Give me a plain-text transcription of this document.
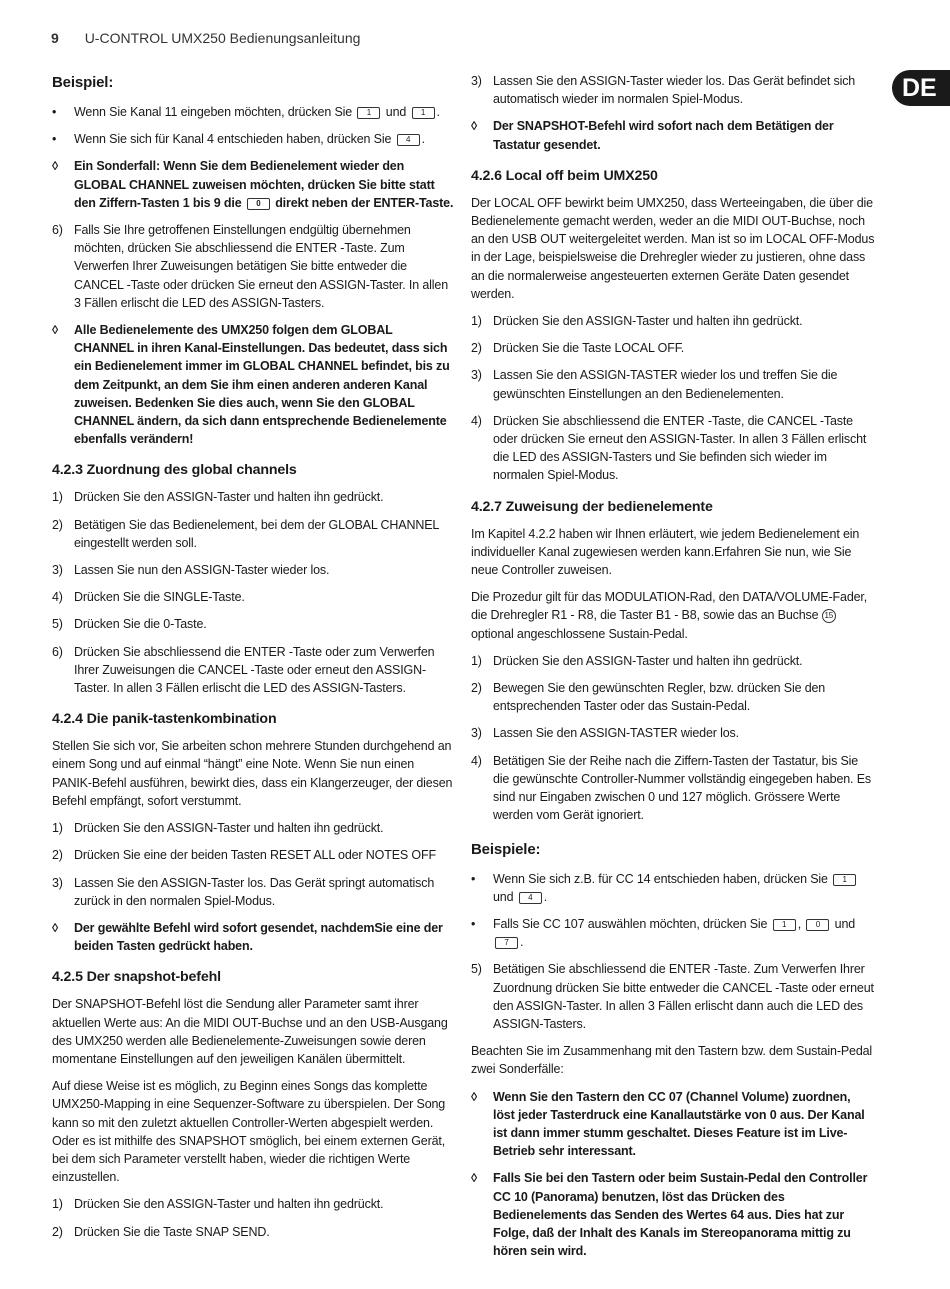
9 U-CONTROL UMX250 Bedienungsanleitung
DE
Beispiel:
• Wenn Sie Kanal 11 eingeben möchten, drücken Sie 1 und 1 .
• Wenn Sie sich für Kanal 4 entschieden haben, drücken Sie 4 .
◊ Ein Sonderfall: Wenn Sie dem Bedienelement wieder den GLOBAL CHANNEL zuweisen möchten, drücken Sie bitte statt den Ziffern-Tasten 1 bis 9 die 0 direkt neben der ENTER-Taste.
6) Falls Sie Ihre getroffenen Einstellungen endgültig übernehmen möchten, drücken Sie abschliessend die ENTER -Taste. Zum Verwerfen Ihrer Zuweisungen betätigen Sie bitte entweder die CANCEL -Taste oder drücken Sie erneut den ASSIGN-Taster. In allen 3 Fällen erlischt die LED des ASSIGN-Tasters.
◊ Alle Bedienelemente des UMX250 folgen dem GLOBAL CHANNEL in ihren Kanal-Einstellungen. Das bedeutet, dass sich ein Bedienelement immer im GLOBAL CHANNEL befindet, bis zu dem Zeitpunkt, an dem Sie ihm einen anderen anderen Kanal zuweisen. Bedenken Sie dies auch, wenn Sie den GLOBAL CHANNEL ändern, da sich dann entsprechende Bedienelemente ebenfalls verändern!
4.2.3 Zuordnung des global channels
1) Drücken Sie den ASSIGN-Taster und halten ihn gedrückt.
2) Betätigen Sie das Bedienelement, bei dem der GLOBAL CHANNEL eingestellt werden soll.
3) Lassen Sie nun den ASSIGN-Taster wieder los.
4) Drücken Sie die SINGLE-Taste.
5) Drücken Sie die 0-Taste.
6) Drücken Sie abschliessend die ENTER -Taste oder zum Verwerfen Ihrer Zuweisungen die CANCEL -Taste oder erneut den ASSIGN-Taster. In allen 3 Fällen erlischt die LED des ASSIGN-Tasters.
4.2.4 Die panik-tastenkombination
Stellen Sie sich vor, Sie arbeiten schon mehrere Stunden durchgehend an einem Song und auf einmal “hängt” eine Note. Wenn Sie nun einen PANIK-Befehl ausführen, bewirkt dies, dass ein Klangerzeuger, der diesen Befehl empfängt, sofort verstummt.
1) Drücken Sie den ASSIGN-Taster und halten ihn gedrückt.
2) Drücken Sie eine der beiden Tasten RESET ALL oder NOTES OFF
3) Lassen Sie den ASSIGN-Taster los. Das Gerät springt automatisch zurück in den normalen Spiel-Modus.
◊ Der gewählte Befehl wird sofort gesendet, nachdemSie eine der beiden Tasten gedrückt haben.
4.2.5 Der snapshot-befehl
Der SNAPSHOT-Befehl löst die Sendung aller Parameter samt ihrer aktuellen Werte aus: An die MIDI OUT-Buchse und an den USB-Ausgang des UMX250 werden alle Bedienelemente-Zuweisungen sowie deren momentane Einstellungen auf den jeweiligen Kanälen übermittelt.
Auf diese Weise ist es möglich, zu Beginn eines Songs das komplette UMX250-Mapping in eine Sequenzer-Software zu überspielen. Der Song kann so mit den zuletzt aktuellen Controller-Werten abgespielt werden. Oder es ist mithilfe des SNAPSHOT smöglich, bei einem externen Gerät, bei dem sich Parameter verstellt haben, wieder die richtigen Werte einzustellen.
1) Drücken Sie den ASSIGN-Taster und halten ihn gedrückt.
2) Drücken Sie die Taste SNAP SEND.
3) Lassen Sie den ASSIGN-Taster wieder los. Das Gerät befindet sich automatisch wieder im normalen Spiel-Modus.
◊ Der SNAPSHOT-Befehl wird sofort nach dem Betätigen der Tastatur gesendet.
4.2.6 Local off beim UMX250
Der LOCAL OFF bewirkt beim UMX250, dass Werteeingaben, die über die Bedienelemente gemacht werden, weder an die MIDI OUT-Buchse, noch an den USB OUT weitergeleitet werden. Man ist so im LOCAL OFF-Modus in der Lage, beispielsweise die Drehregler wieder zu justieren, ohne dass an die normalerweise angesteuerten externen Geräte Daten gesendet werden.
1) Drücken Sie den ASSIGN-Taster und halten ihn gedrückt.
2) Drücken Sie die Taste LOCAL OFF.
3) Lassen Sie den ASSIGN-TASTER wieder los und treffen Sie die gewünschten Einstellungen an den Bedienelementen.
4) Drücken Sie abschliessend die ENTER -Taste, die CANCEL -Taste oder drücken Sie erneut den ASSIGN-Taster. In allen 3 Fällen erlischt die LED des ASSIGN-Tasters und Sie befinden sich wieder im normalen Spiel-Modus.
4.2.7 Zuweisung der bedienelemente
Im Kapitel 4.2.2 haben wir Ihnen erläutert, wie jedem Bedienelement ein individueller Kanal zugewiesen werden kann.Erfahren Sie nun, wie Sie neue Controller zuweisen.
Die Prozedur gilt für das MODULATION-Rad, den DATA/VOLUME-Fader, die Drehregler R1 - R8, die Taster B1 - B8, sowie das an Buchse 15 optional angeschlossene Sustain-Pedal.
1) Drücken Sie den ASSIGN-Taster und halten ihn gedrückt.
2) Bewegen Sie den gewünschten Regler, bzw. drücken Sie den entsprechenden Taster oder das Sustain-Pedal.
3) Lassen Sie den ASSIGN-TASTER wieder los.
4) Betätigen Sie der Reihe nach die Ziffern-Tasten der Tastatur, bis Sie die gewünschte Controller-Nummer vollständig eingegeben haben. Es sind nur Eingaben zwischen 0 und 127 möglich. Grössere Werte werden vom Gerät ignoriert.
Beispiele:
• Wenn Sie sich z.B. für CC 14 entschieden haben, drücken Sie 1 und 4 .
• Falls Sie CC 107 auswählen möchten, drücken Sie 1 , 0 und 7 .
5) Betätigen Sie abschliessend die ENTER -Taste. Zum Verwerfen Ihrer Zuordnung drücken Sie bitte entweder die CANCEL -Taste oder erneut den ASSIGN-Taster. In allen 3 Fällen erlischt dann auch die LED des ASSIGN-Tasters.
Beachten Sie im Zusammenhang mit den Tastern bzw. dem Sustain-Pedal zwei Sonderfälle:
◊ Wenn Sie den Tastern den CC 07 (Channel Volume) zuordnen, löst jeder Tasterdruck eine Kanallautstärke von 0 aus. Der Kanal ist dann immer stumm geschaltet. Dieses Feature ist im Live-Betrieb sehr interessant.
◊ Falls Sie bei den Tastern oder beim Sustain-Pedal den Controller CC 10 (Panorama) benutzen, löst das Drücken des Bedienelements das Senden des Wertes 64 aus. Dies hat zur Folge, daß der Inhalt des Kanals im Stereopanorama mittig zu hören sein wird.
